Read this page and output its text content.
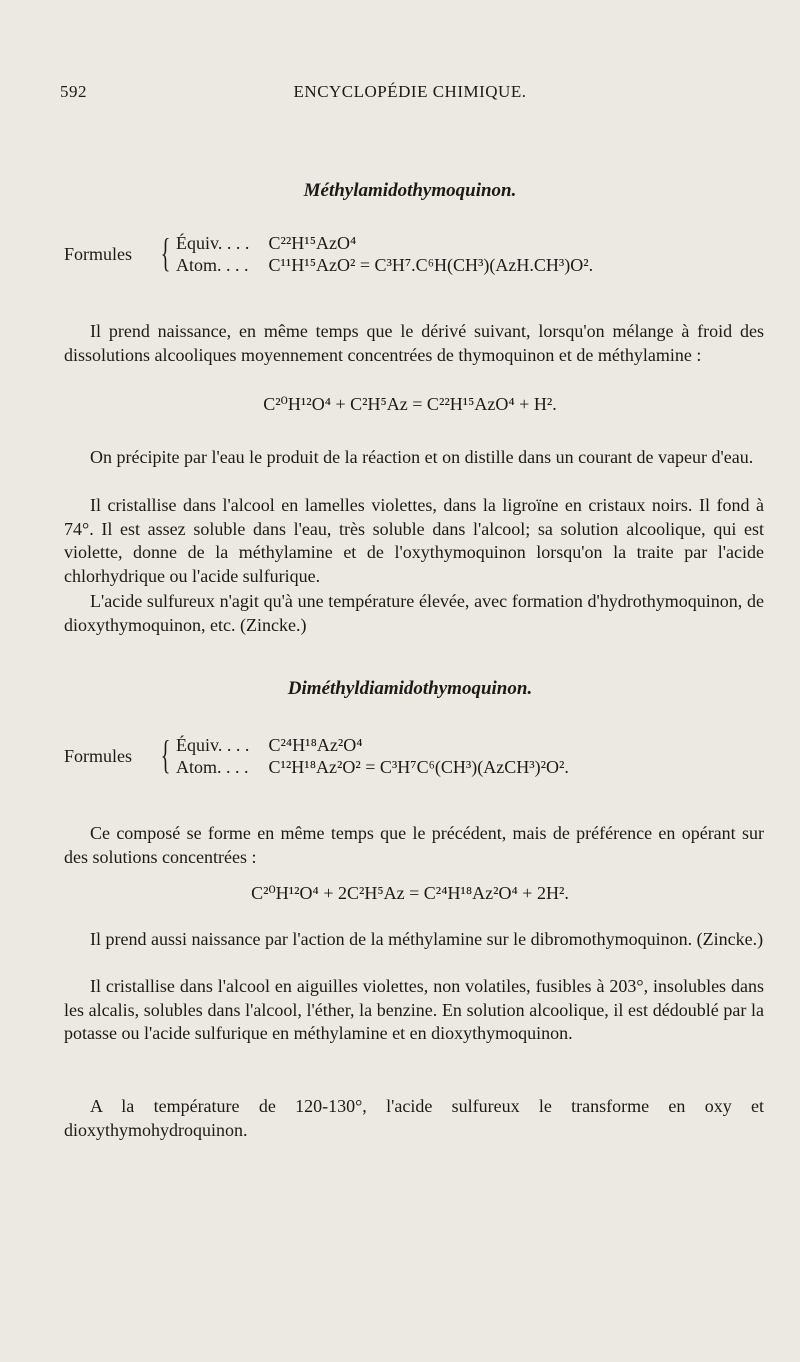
592	ENCYCLOPÉDIE CHIMIQUE.
Méthylamidothymoquinon.
Formules { Équiv. . . . C²²H¹⁵AzO⁴
Atom. . . . C¹¹H¹⁵AzO² = C³H⁷.C⁶H(CH³)(AzH.CH³)O².

Il prend naissance, en même temps que le dérivé suivant, lorsqu'on mélange à froid des dissolutions alcooliques moyennement concentrées de thymoquinon et de méthylamine :

C²⁰H¹²O⁴ + C²H⁵Az = C²²H¹⁵AzO⁴ + H².

On précipite par l'eau le produit de la réaction et on distille dans un courant de vapeur d'eau.

Il cristallise dans l'alcool en lamelles violettes, dans la ligroïne en cristaux noirs. Il fond à 74°. Il est assez soluble dans l'eau, très soluble dans l'alcool; sa solution alcoolique, qui est violette, donne de la méthylamine et de l'oxythymoquinon lorsqu'on la traite par l'acide chlorhydrique ou l'acide sulfurique.

L'acide sulfureux n'agit qu'à une température élevée, avec formation d'hydrothymoquinon, de dioxythymoquinon, etc. (Zincke.)

Diméthyldiamidothymoquinon.
Formules { Équiv. . . . C²⁴H¹⁸Az²O⁴
Atom. . . . C¹²H¹⁸Az²O² = C³H⁷C⁶(CH³)(AzCH³)²O².

Ce composé se forme en même temps que le précédent, mais de préférence en opérant sur des solutions concentrées :

C²⁰H¹²O⁴ + 2C²H⁵Az = C²⁴H¹⁸Az²O⁴ + 2H².

Il prend aussi naissance par l'action de la méthylamine sur le dibromothymoquinon. (Zincke.)

Il cristallise dans l'alcool en aiguilles violettes, non volatiles, fusibles à 203°, insolubles dans les alcalis, solubles dans l'alcool, l'éther, la benzine. En solution alcoolique, il est dédoublé par la potasse ou l'acide sulfurique en méthylamine et en dioxythymoquinon.

A la température de 120-130°, l'acide sulfureux le transforme en oxy et dioxythymohydroquinon.
